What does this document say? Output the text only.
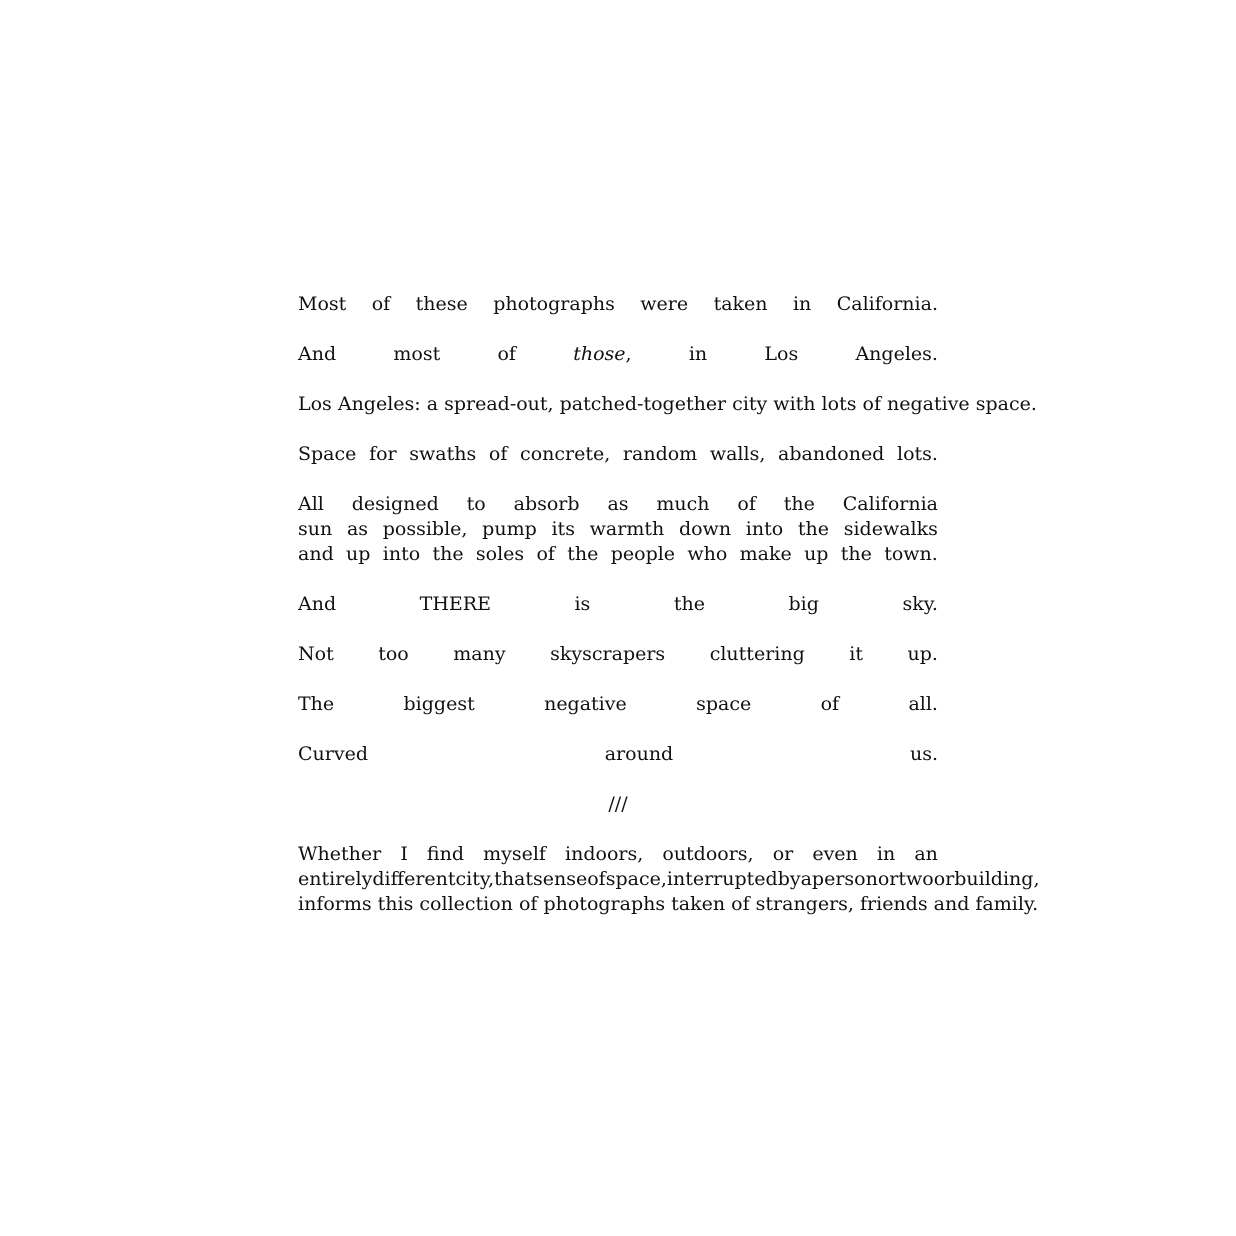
Most of these photographs were taken in California.
And	most	of	those,	in	Los	Angeles.
Los Angeles: a spread-out, patched-together city with lots of negative space.
Space for swaths of concrete, random walls, abandoned lots.
All designed to absorb as much of the California
sun as possible, pump its warmth down into the sidewalks
and up into the soles of the people who make up the town.
And	THERE	is	the	big	sky.
Not too many skyscrapers cluttering it up.
The	biggest	negative	space	of	all.
Curved	around	us.
///
Whether I find myself indoors, outdoors, or even in an
entirely different city, that sense of space, interrupted by a person or two or building,
informs this collection of photographs taken of strangers, friends and family.
